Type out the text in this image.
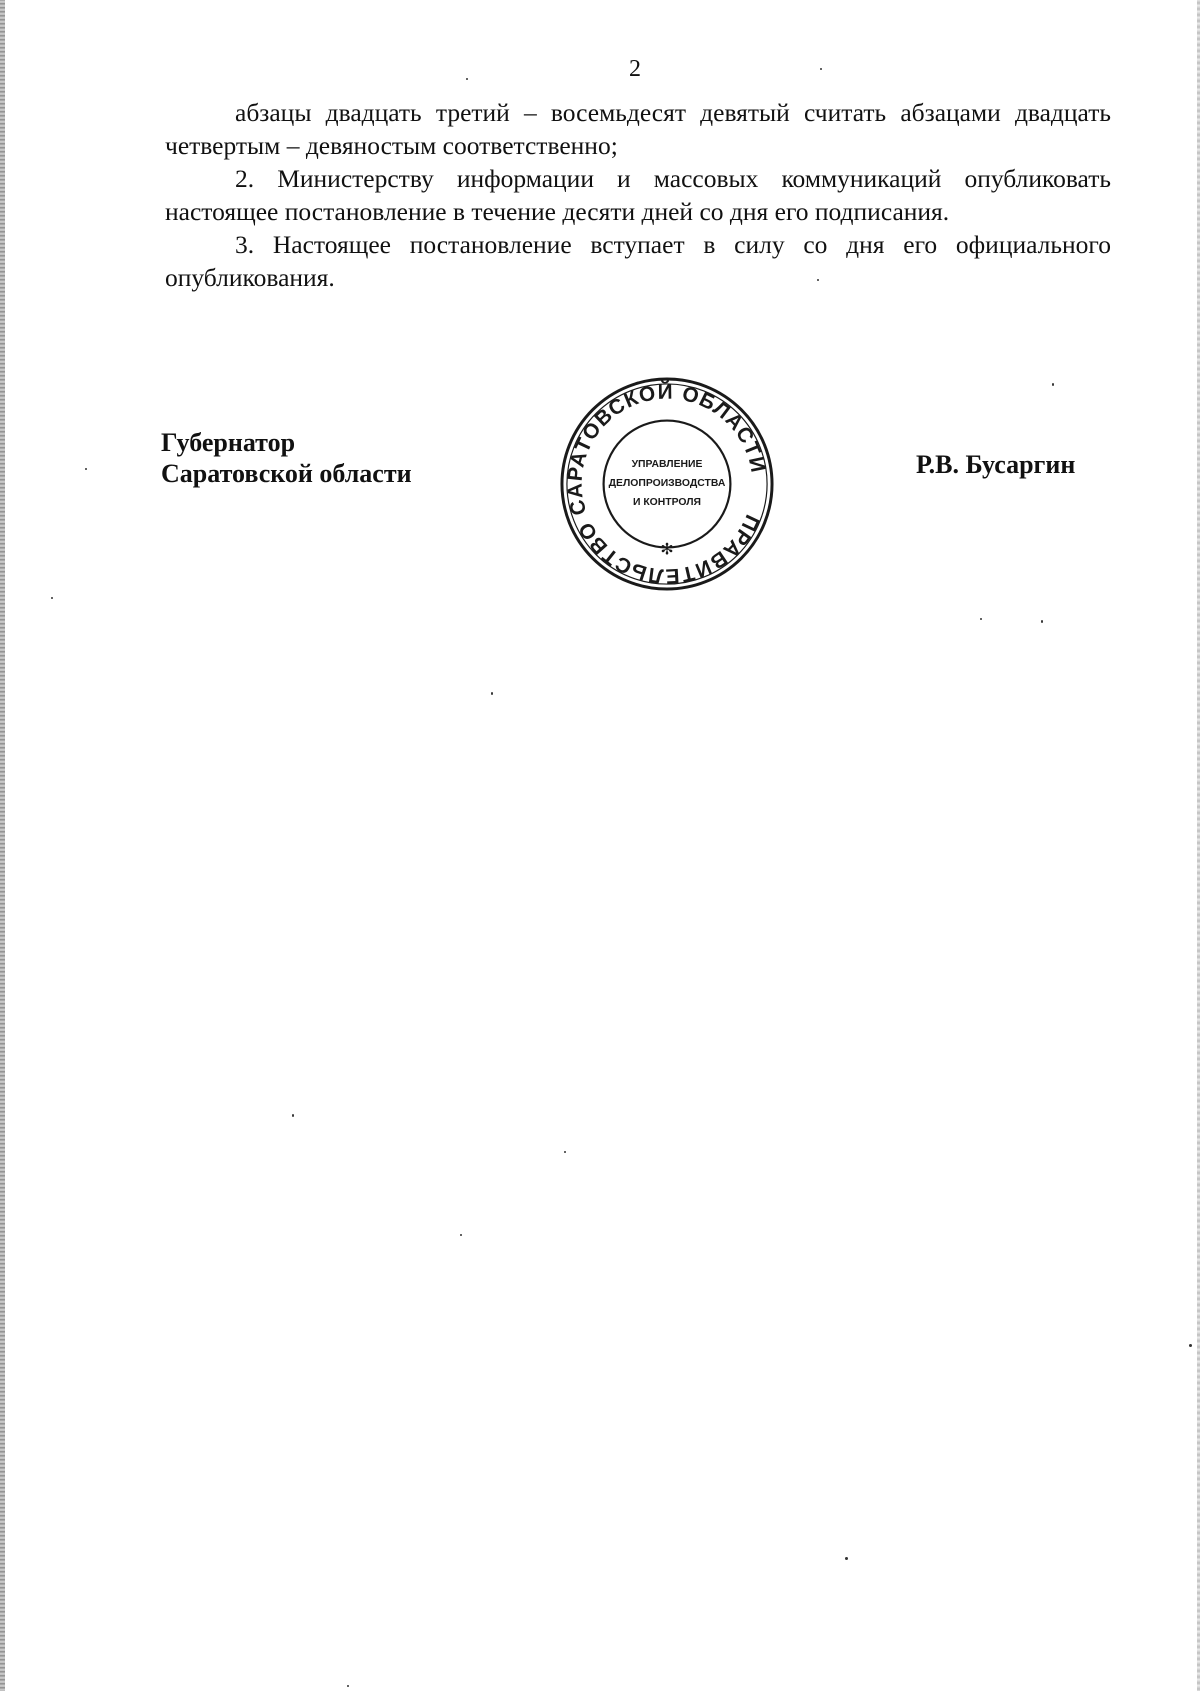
2

абзацы двадцать третий – восемьдесят девятый считать абзацами двадцать четвертым – девяностым соответственно;

2. Министерству информации и массовых коммуникаций опубликовать настоящее постановление в течение десяти дней со дня его подписания.

3. Настоящее постановление вступает в силу со дня его официального опубликования.

Губернатор
Саратовской области
ПРАВИТЕЛЬСТВО САРАТОВСКОЙ ОБЛАСТИ
✻
УПРАВЛЕНИЕ
ДЕЛОПРОИЗВОДСТВА
И КОНТРОЛЯ
Р.В. Бусаргин
